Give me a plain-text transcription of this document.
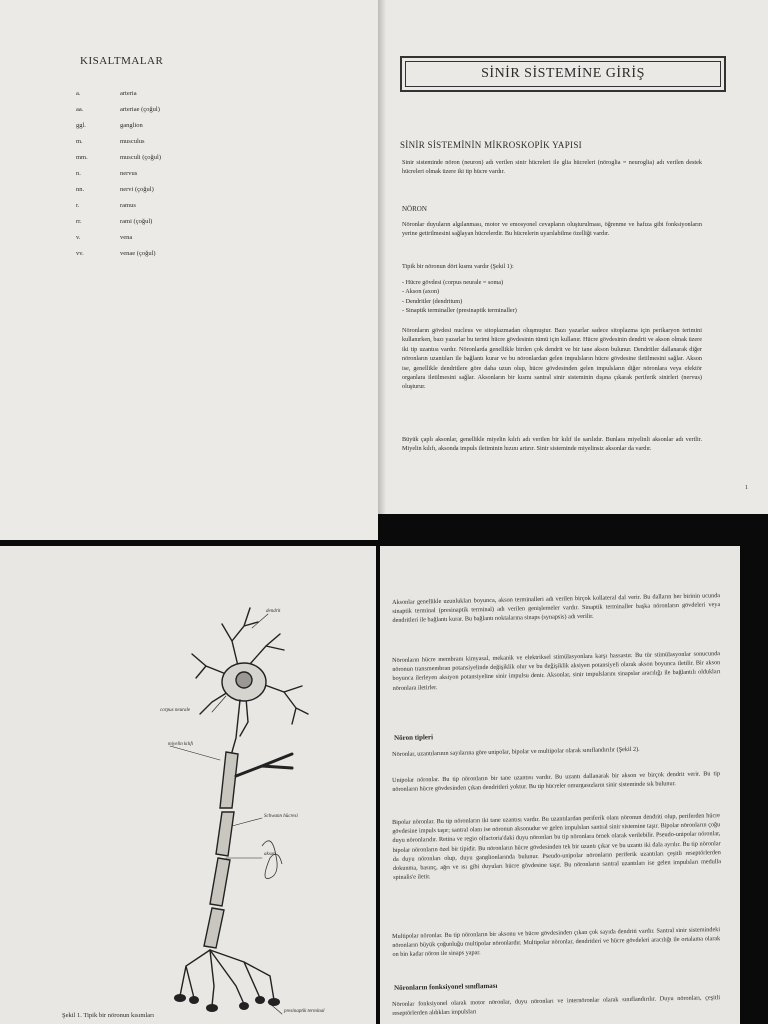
KISALTMALAR
a.	arteria
aa.	arteriae (çoğul)
ggl.	ganglion
m.	musculus
mm.	musculi (çoğul)
n.	nervus
nn.	nervi (çoğul)
r.	ramus
rr.	rami (çoğul)
v.	vena
vv.	venae (çoğul)
SİNİR SİSTEMİNE GİRİŞ
SİNİR SİSTEMİNİN MİKROSKOPİK YAPISI
Sinir sisteminde nöron (neuron) adı verilen sinir hücreleri ile glia hücreleri (nöroglia = neuroglia) adı verilen destek hücreleri olmak üzere iki tip hücre vardır.
NÖRON
Nöronlar duyuların algılanması, motor ve emosyonel cevapların oluşturulması, öğrenme ve hafıza gibi fonksiyonların yerine getirilmesini sağlayan hücrelerdir. Bu hücrelerin uyarılabilme özelliği vardır.
Tipik bir nöronun dört kısmı vardır (Şekil 1):
- Hücre gövdesi (corpus neurale = soma)
- Akson (axon)
- Dendritler (dendritum)
- Sinaptik terminaller (presinaptik terminaller)
Nöronların gövdesi nucleus ve sitoplazmadan oluşmuştur. Bazı yazarlar sadece sitoplazma için perikaryon terimini kullanırken, bazı yazarlar bu terimi hücre gövdesinin tümü için kullanır. Hücre gövdesinin dendrit ve akson olmak üzere iki tip uzantısı vardır. Nöronlarda genellikle birden çok dendrit ve bir tane akson bulunur. Dendritler dallanarak diğer nöronların uzantıları ile bağlantı kurar ve bu nöronlardan gelen impulsların hücre gövdesine iletilmesini sağlar. Akson ise, genellikle dendritlere göre daha uzun olup, hücre gövdesinden gelen impulsların diğer nöronlara veya efektör organlara iletilmesini sağlar. Aksonların bir kısmı santral sinir sisteminin dışına çıkarak periferik sinirleri (nervus) oluşturur.
Büyük çaplı aksonlar, genellikle miyelin kılıfı adı verilen bir kılıf ile sarılıdır. Bunlara miyelinli aksonlar adı verilir. Miyelin kılıfı, aksonda impuls iletiminin hızını artırır. Sinir sisteminde miyelinsiz aksonlar da vardır.
1
dendrit
corpus neurale
miyelin kılıfı
Schwann hücresi
akson
presinaptik terminal
Şekil 1. Tipik bir nöronun kısımları
Aksonlar genellikle uzunlukları boyunca, akson terminalleri adı verilen birçok kollateral dal verir. Bu dalların her birinin ucunda sinaptik terminal (presinaptik terminal) adı verilen genişlemeler vardır. Sinaptik terminaller başka nöronların gövdeleri veya dendritleri ile bağlantı kurar. Bu bağlantı noktalarına sinaps (synapsis) adı verilir.
Nöronların hücre membranı kimyasal, mekanik ve elektriksel stimülasyonlara karşı hassastır. Bu tür stimülasyonlar sonucunda nöronun transmembran potansiyelinde değişiklik olur ve bu değişiklik aksiyen potansiyeli olarak akson boyunca iletilir. Bir akson boyunca ilerleyen aksiyon potansiyeline sinir impulsu denir. Aksonlar, sinir impulslarını sinapslar aracılığı ile bağlantılı oldukları nöronlara iletirler.
Nöron tipleri
Nöronlar, uzantılarının sayılarına göre unipolar, bipolar ve multipolar olarak sınıflandırılır (Şekil 2).
Unipolar nöronlar. Bu tip nöronların bir tane uzantısı vardır. Bu uzantı dallanarak bir akson ve birçok dendrit verir. Bu tip nöronların hücre gövdesinden çıkan dendritleri yoktur. Bu tip hücreler omurgasızların sinir sisteminde sık bulunur.
Bipolar nöronlar. Bu tip nöronların iki tane uzantısı vardır. Bu uzantılardan periferik olanı nöronun dendriti olup, periferden hücre gövdesine impuls taşır; santral olanı ise nöronun aksonudur ve gelen impulsları santral sinir sistemine taşır. Bipolar nöronların çoğu duyu nöronlarıdır. Retina ve regio olfactoria'daki duyu nöronları bu tip nöronlara örnek olarak verilebilir. Pseudo-unipolar nöronlar, bipolar nöronların özel bir tipidir. Bu nöronların hücre gövdesinden tek bir uzantı çıkar ve bu uzantı iki dala ayrılır. Bu tip nöronlar da duyu nöronları olup, duyu ganglionlarında bulunur. Pseudo-unipolar nöronların periferik uzantıları çeşitli reseptörlerden dokunma, basınç, ağrı ve ısı gibi duyuları hücre gövdesine taşır. Bu nöronların santral uzantıları ise gelen impulsları medulla spinalis'e iletir.
Multipolar nöronlar. Bu tip nöronların bir aksonu ve hücre gövdesinden çıkan çok sayıda dendriti vardır. Santral sinir sistemindeki nöronların büyük çoğunluğu multipolar nöronlardır. Multipolar nöronlar, dendritleri ve hücre gövdeleri aracılığı ile ortalama olarak on bin kadar nöron ile sinaps yapar.
Nöronların fonksiyonel sınıflaması
Nöronlar fonksiyonel olarak motor nöronlar, duyu nöronları ve internöronlar olarak sınıflandırılır. Duyu nöronları, çeşitli reseptörlerden aldıkları impulsları
